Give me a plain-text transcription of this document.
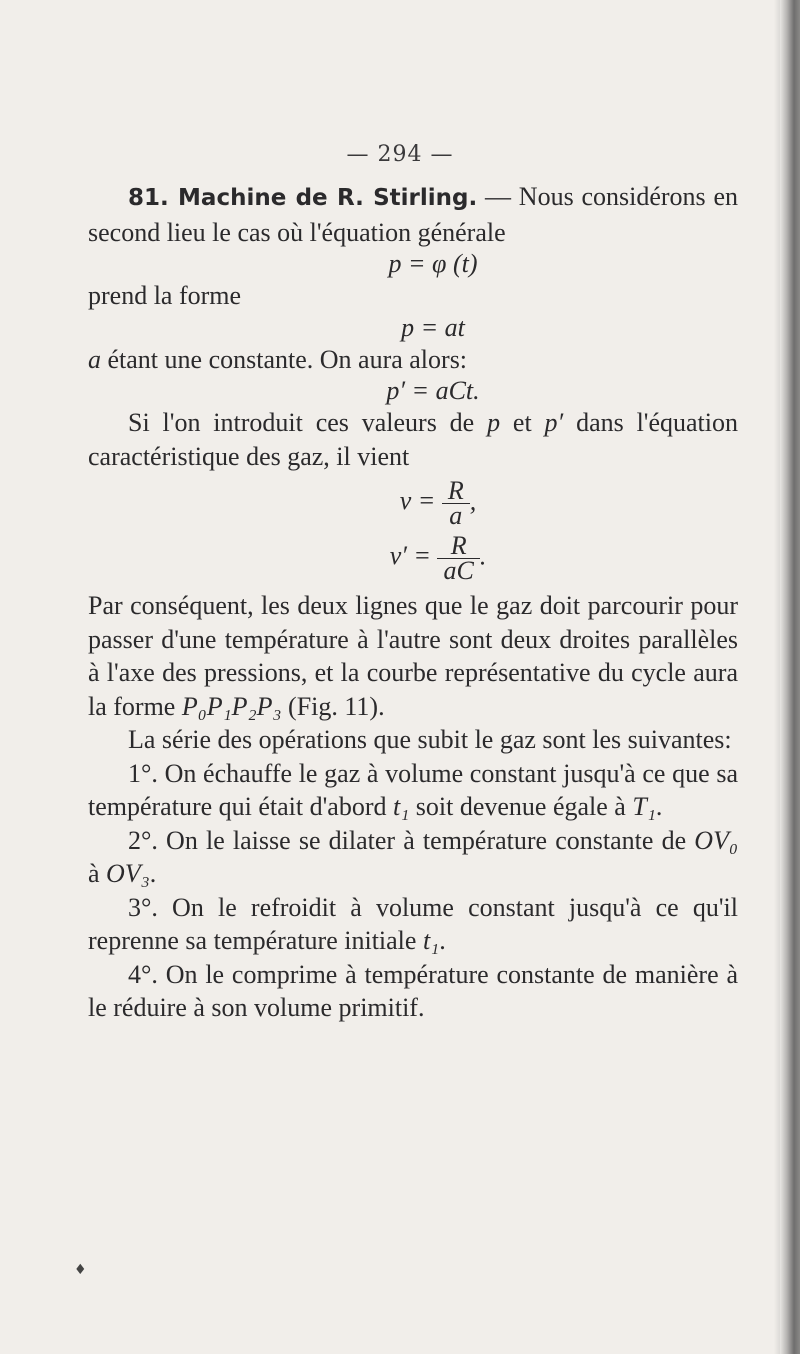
— 294 —

81. Machine de R. Stirling. — Nous considérons en second lieu le cas où l'équation générale

p = φ (t)

prend la forme

p = at

a étant une constante. On aura alors:

p′ = aCt.

Si l'on introduit ces valeurs de p et p′ dans l'équation caractéristique des gaz, il vient

$v = \frac{R}{a}$ ,
$v' = \frac{R}{aC}$ .

Par conséquent, les deux lignes que le gaz doit parcourir pour passer d'une température à l'autre sont deux droites parallèles à l'axe des pressions, et la courbe représentative du cycle aura la forme P₀P₁P₂P₃ (Fig. 11).

La série des opérations que subit le gaz sont les suivantes:

1°. On échauffe le gaz à volume constant jusqu'à ce que sa température qui était d'abord t₁ soit devenue égale à T₁.

2°. On le laisse se dilater à température constante de OV₀ à OV₃.

3°. On le refroidit à volume constant jusqu'à ce qu'il reprenne sa température initiale t₁.

4°. On le comprime à température constante de manière à le réduire à son volume primitif.

♦
